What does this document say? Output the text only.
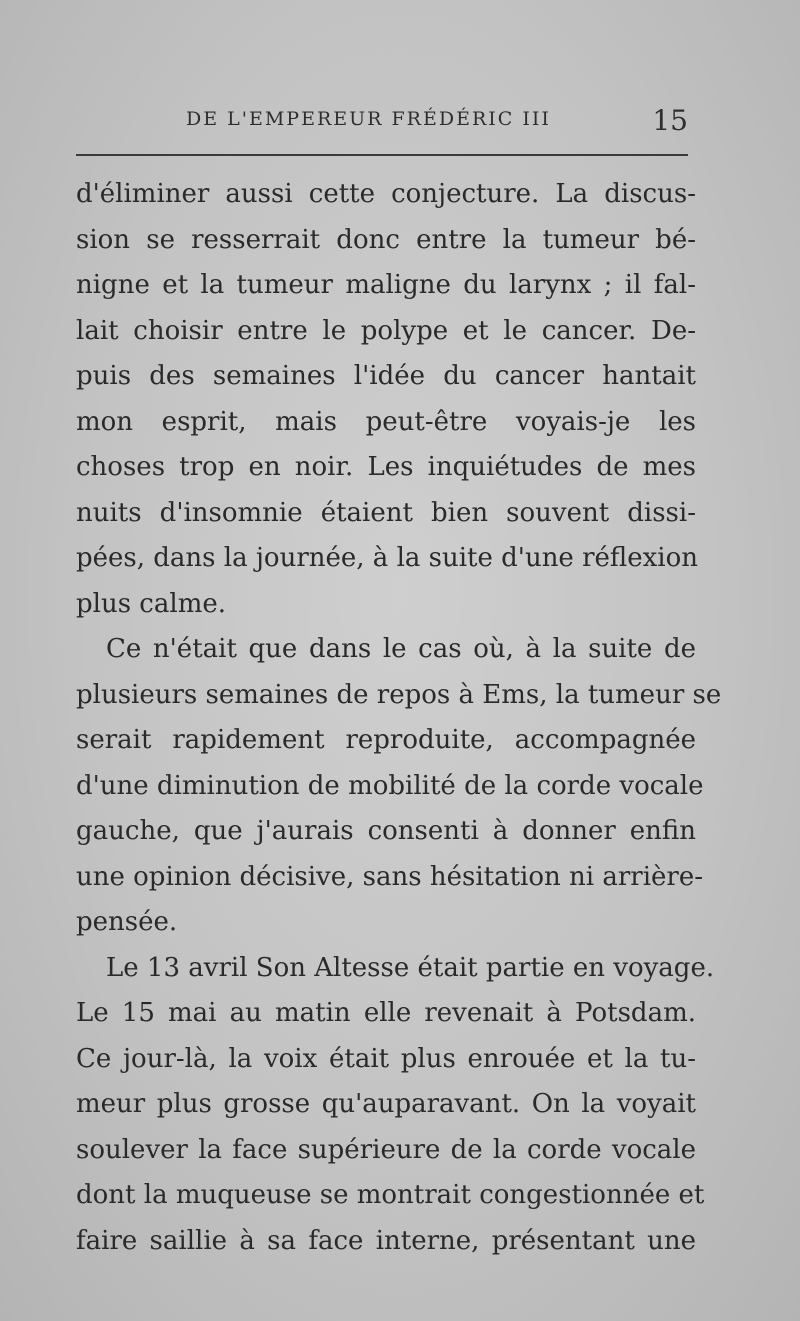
DE L'EMPEREUR FRÉDÉRIC III	15
d'éliminer aussi cette conjecture. La discus-
sion se resserrait donc entre la tumeur bé-
nigne et la tumeur maligne du larynx ; il fal-
lait choisir entre le polype et le cancer. De-
puis des semaines l'idée du cancer hantait
mon esprit, mais peut-être voyais-je les
choses trop en noir. Les inquiétudes de mes
nuits d'insomnie étaient bien souvent dissi-
pées, dans la journée, à la suite d'une réflexion
plus calme.
Ce n'était que dans le cas où, à la suite de
plusieurs semaines de repos à Ems, la tumeur se
serait rapidement reproduite, accompagnée
d'une diminution de mobilité de la corde vocale
gauche, que j'aurais consenti à donner enfin
une opinion décisive, sans hésitation ni arrière-
pensée.
Le 13 avril Son Altesse était partie en voyage.
Le 15 mai au matin elle revenait à Potsdam.
Ce jour-là, la voix était plus enrouée et la tu-
meur plus grosse qu'auparavant. On la voyait
soulever la face supérieure de la corde vocale
dont la muqueuse se montrait congestionnée et
faire saillie à sa face interne, présentant une
